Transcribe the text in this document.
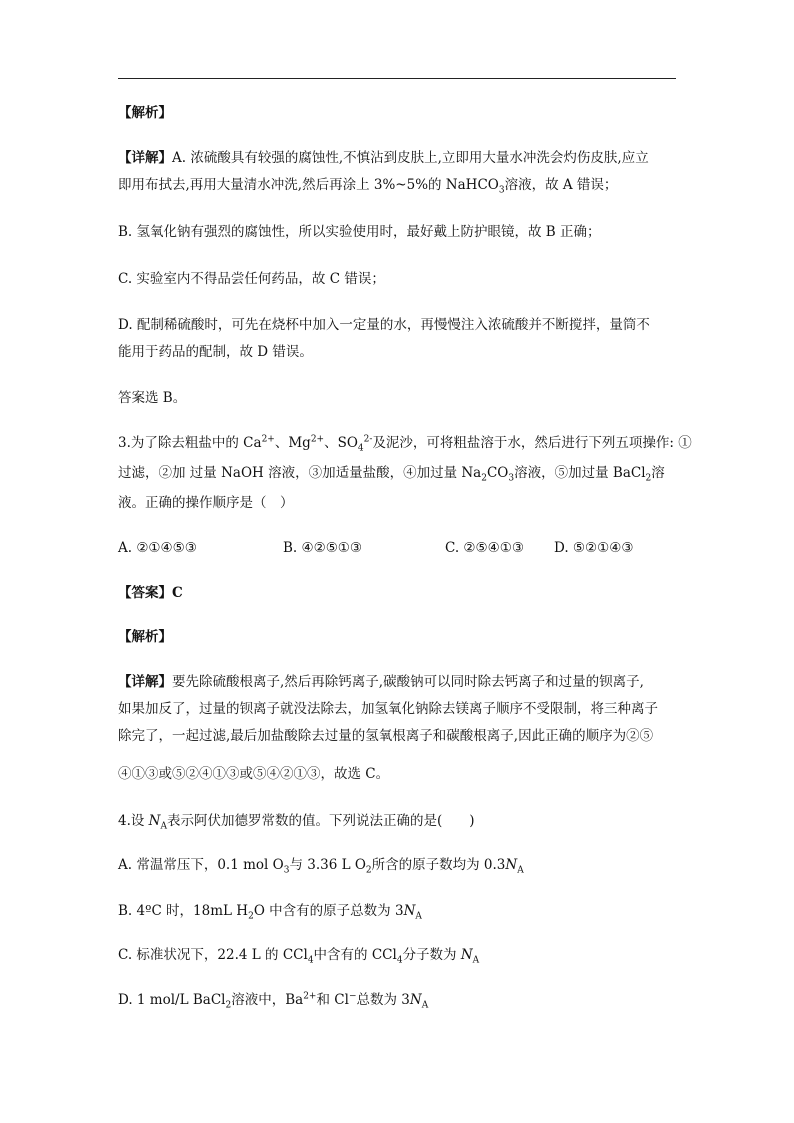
【解析】
【详解】A. 浓硫酸具有较强的腐蚀性,不慎沾到皮肤上,立即用大量水冲洗会灼伤皮肤,应立
即用布拭去,再用大量清水冲洗,然后再涂上 3%~5%的 NaHCO$_3$溶液，故 A 错误；
B. 氢氧化钠有强烈的腐蚀性，所以实验使用时，最好戴上防护眼镜，故 B 正确；
C. 实验室内不得品尝任何药品，故 C 错误；
D. 配制稀硫酸时，可先在烧杯中加入一定量的水，再慢慢注入浓硫酸并不断搅拌，量筒不
能用于药品的配制，故 D 错误。
答案选 B。
3.为了除去粗盐中的 $Ca^{2+}$、$Mg^{2+}$、$SO_4^{2-}$及泥沙，可将粗盐溶于水，然后进行下列五项操作: ①
过滤，②加 过量 NaOH 溶液，③加适量盐酸，④加过量 $Na_2CO_3$溶液，⑤加过量 BaCl$_2$溶
液。正确的操作顺序是（　）
A. ②①④⑤③	B. ④②⑤①③	C. ②⑤④①③ D. ⑤②①④③
【答案】C
【解析】
【详解】要先除硫酸根离子,然后再除钙离子,碳酸钠可以同时除去钙离子和过量的钡离子,
如果加反了，过量的钡离子就没法除去，加氢氧化钠除去镁离子顺序不受限制，将三种离子
除完了，一起过滤,最后加盐酸除去过量的氢氧根离子和碳酸根离子,因此正确的顺序为②⑤
④①③或⑤②④①③或⑤④②①③，故选 C。
4.设 $N_A$表示阿伏加德罗常数的值。下列说法正确的是(　　)
A. 常温常压下，0.1 mol $O_3$与 3.36 L $O_2$所含的原子数均为 $0.3N_A$
B. 4ºC 时，18mL $H_2O$ 中含有的原子总数为 $3N_A$
C. 标准状况下，22.4 L 的 CCl$_4$中含有的 CCl$_4$分子数为 $N_A$
D. 1 mol/L BaCl$_2$溶液中，$Ba^{2+}$和 Cl−总数为 $3N_A$
